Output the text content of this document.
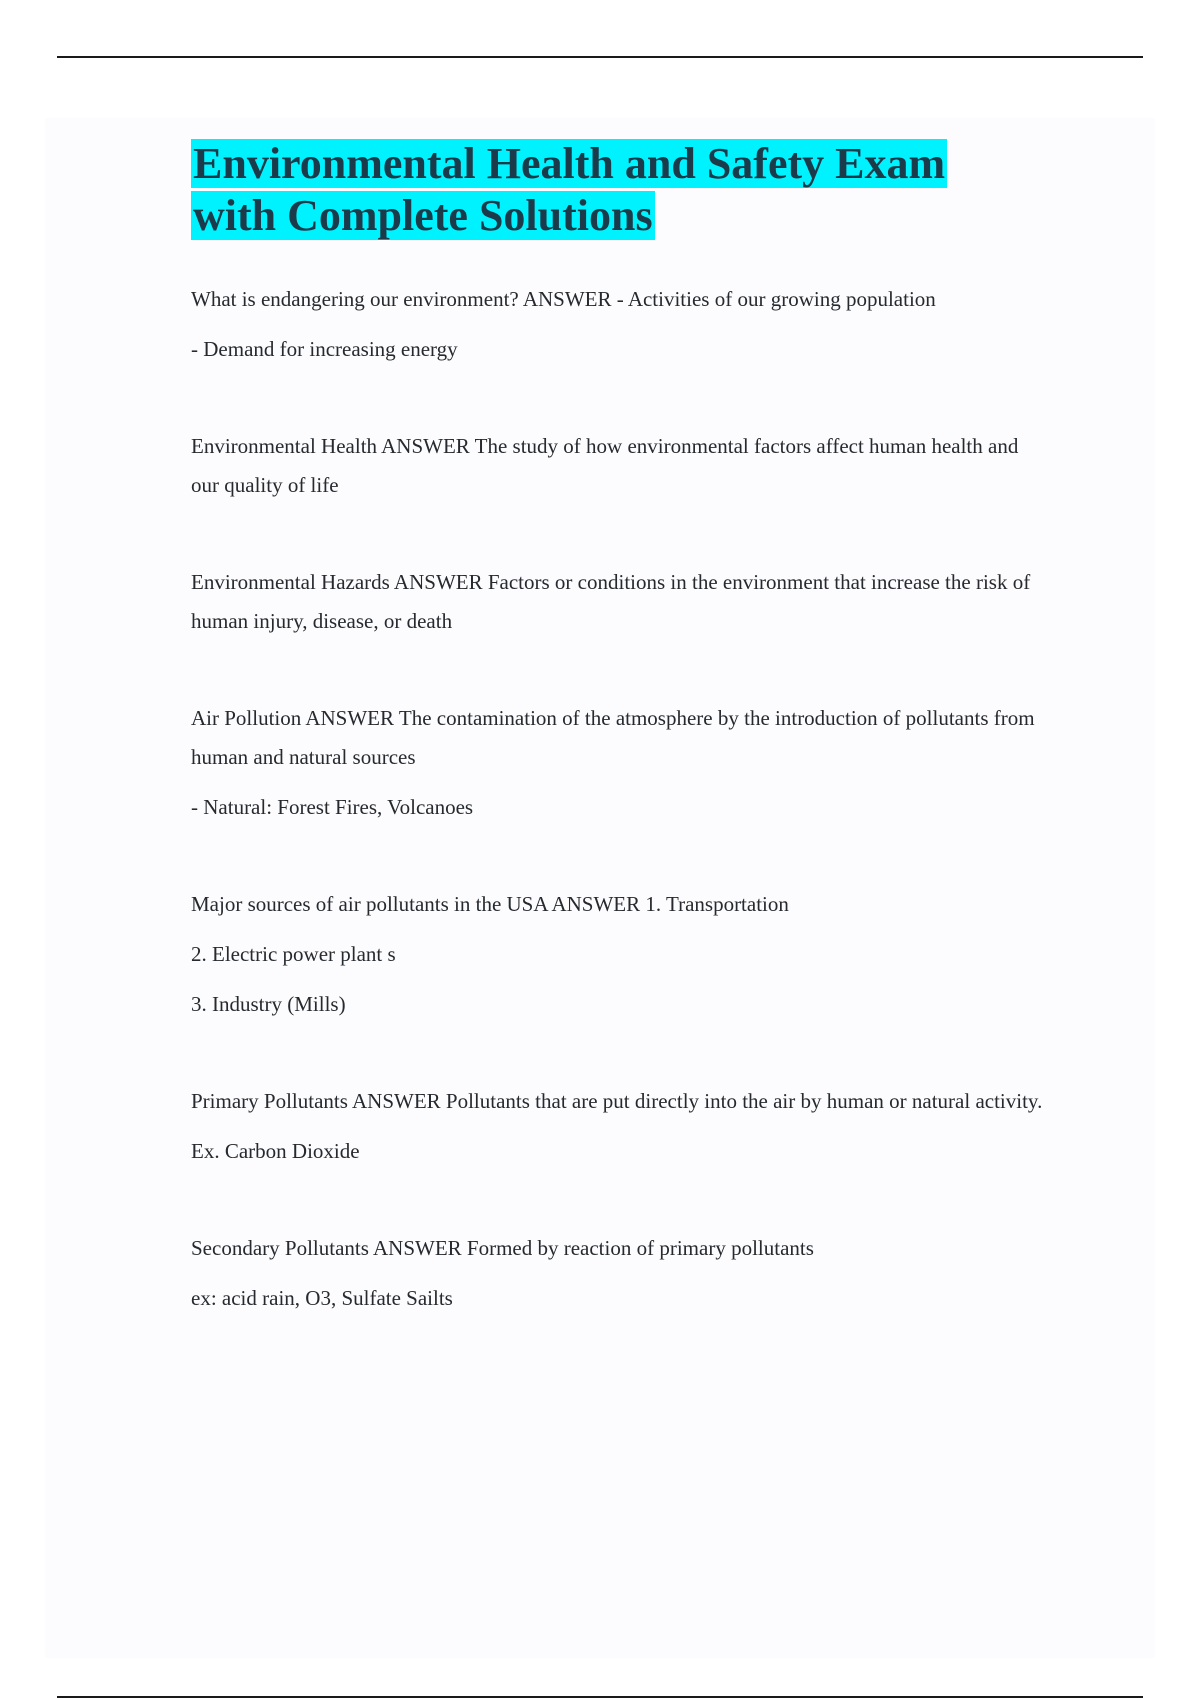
Environmental Health and Safety Exam
with Complete Solutions

What is endangering our environment? ANSWER - Activities of our growing population

- Demand for increasing energy

Environmental Health ANSWER The study of how environmental factors affect human health and our quality of life

Environmental Hazards ANSWER Factors or conditions in the environment that increase the risk of human injury, disease, or death

Air Pollution ANSWER The contamination of the atmosphere by the introduction of pollutants from human and natural sources

- Natural: Forest Fires, Volcanoes

Major sources of air pollutants in the USA ANSWER 1. Transportation

2. Electric power plant s

3. Industry (Mills)

Primary Pollutants ANSWER Pollutants that are put directly into the air by human or natural activity.

Ex. Carbon Dioxide

Secondary Pollutants ANSWER Formed by reaction of primary pollutants

ex: acid rain, O3, Sulfate Sailts
